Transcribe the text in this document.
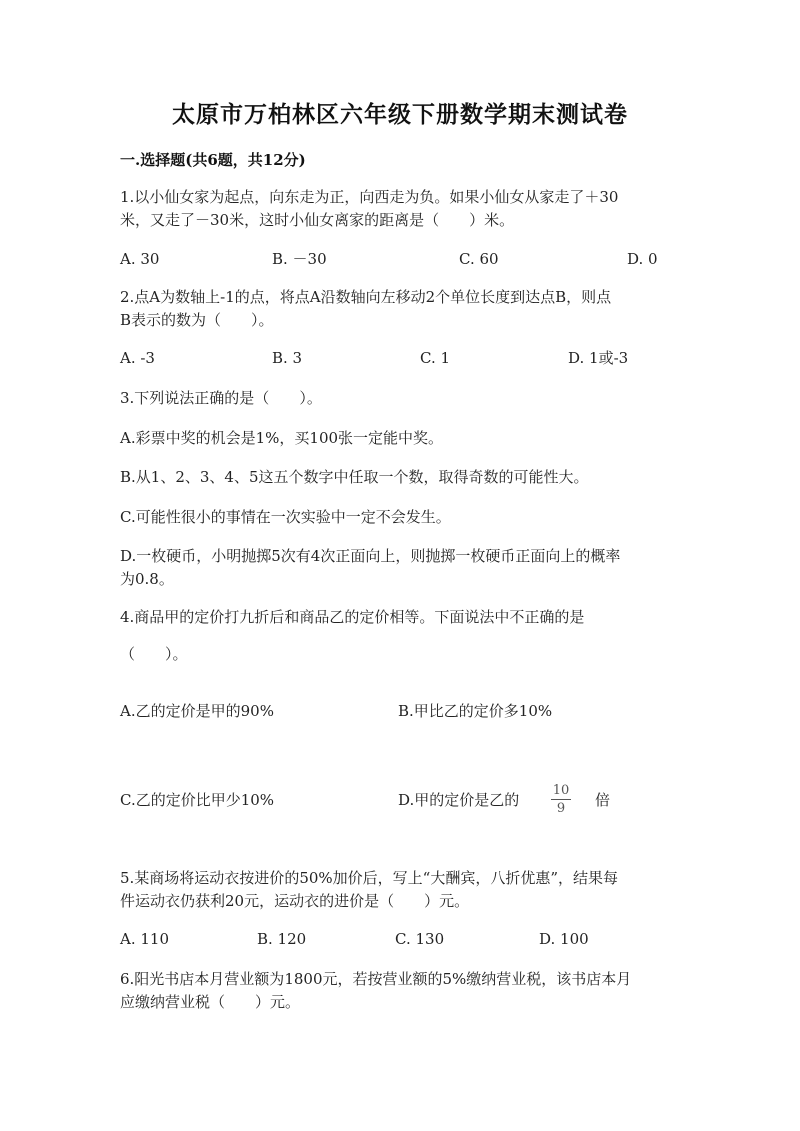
太原市万柏林区六年级下册数学期末测试卷
一.选择题(共6题，共12分)
1.以小仙女家为起点，向东走为正，向西走为负。如果小仙女从家走了＋30
米，又走了－30米，这时小仙女离家的距离是（　　）米。
A. 30	B. －30	C. 60	D. 0
2.点A为数轴上-1的点，将点A沿数轴向左移动2个单位长度到达点B，则点
B表示的数为（　　）。
A. -3	B. 3	C. 1	D. 1或-3
3.下列说法正确的是（　　）。
A.彩票中奖的机会是1%，买100张一定能中奖。
B.从1、2、3、4、5这五个数字中任取一个数，取得奇数的可能性大。
C.可能性很小的事情在一次实验中一定不会发生。
D.一枚硬币，小明抛掷5次有4次正面向上，则抛掷一枚硬币正面向上的概率
为0.8。
4.商品甲的定价打九折后和商品乙的定价相等。下面说法中不正确的是
（　　）。
A.乙的定价是甲的90%	B.甲比乙的定价多10%
C.乙的定价比甲少10%	D.甲的定价是乙的
10
9	倍
5.某商场将运动衣按进价的50%加价后，写上“大酬宾，八折优惠”，结果每
件运动衣仍获利20元，运动衣的进价是（　　）元。
A. 110	B. 120	C. 130	D. 100
6.阳光书店本月营业额为1800元，若按营业额的5%缴纳营业税，该书店本月
应缴纳营业税（　　）元。
